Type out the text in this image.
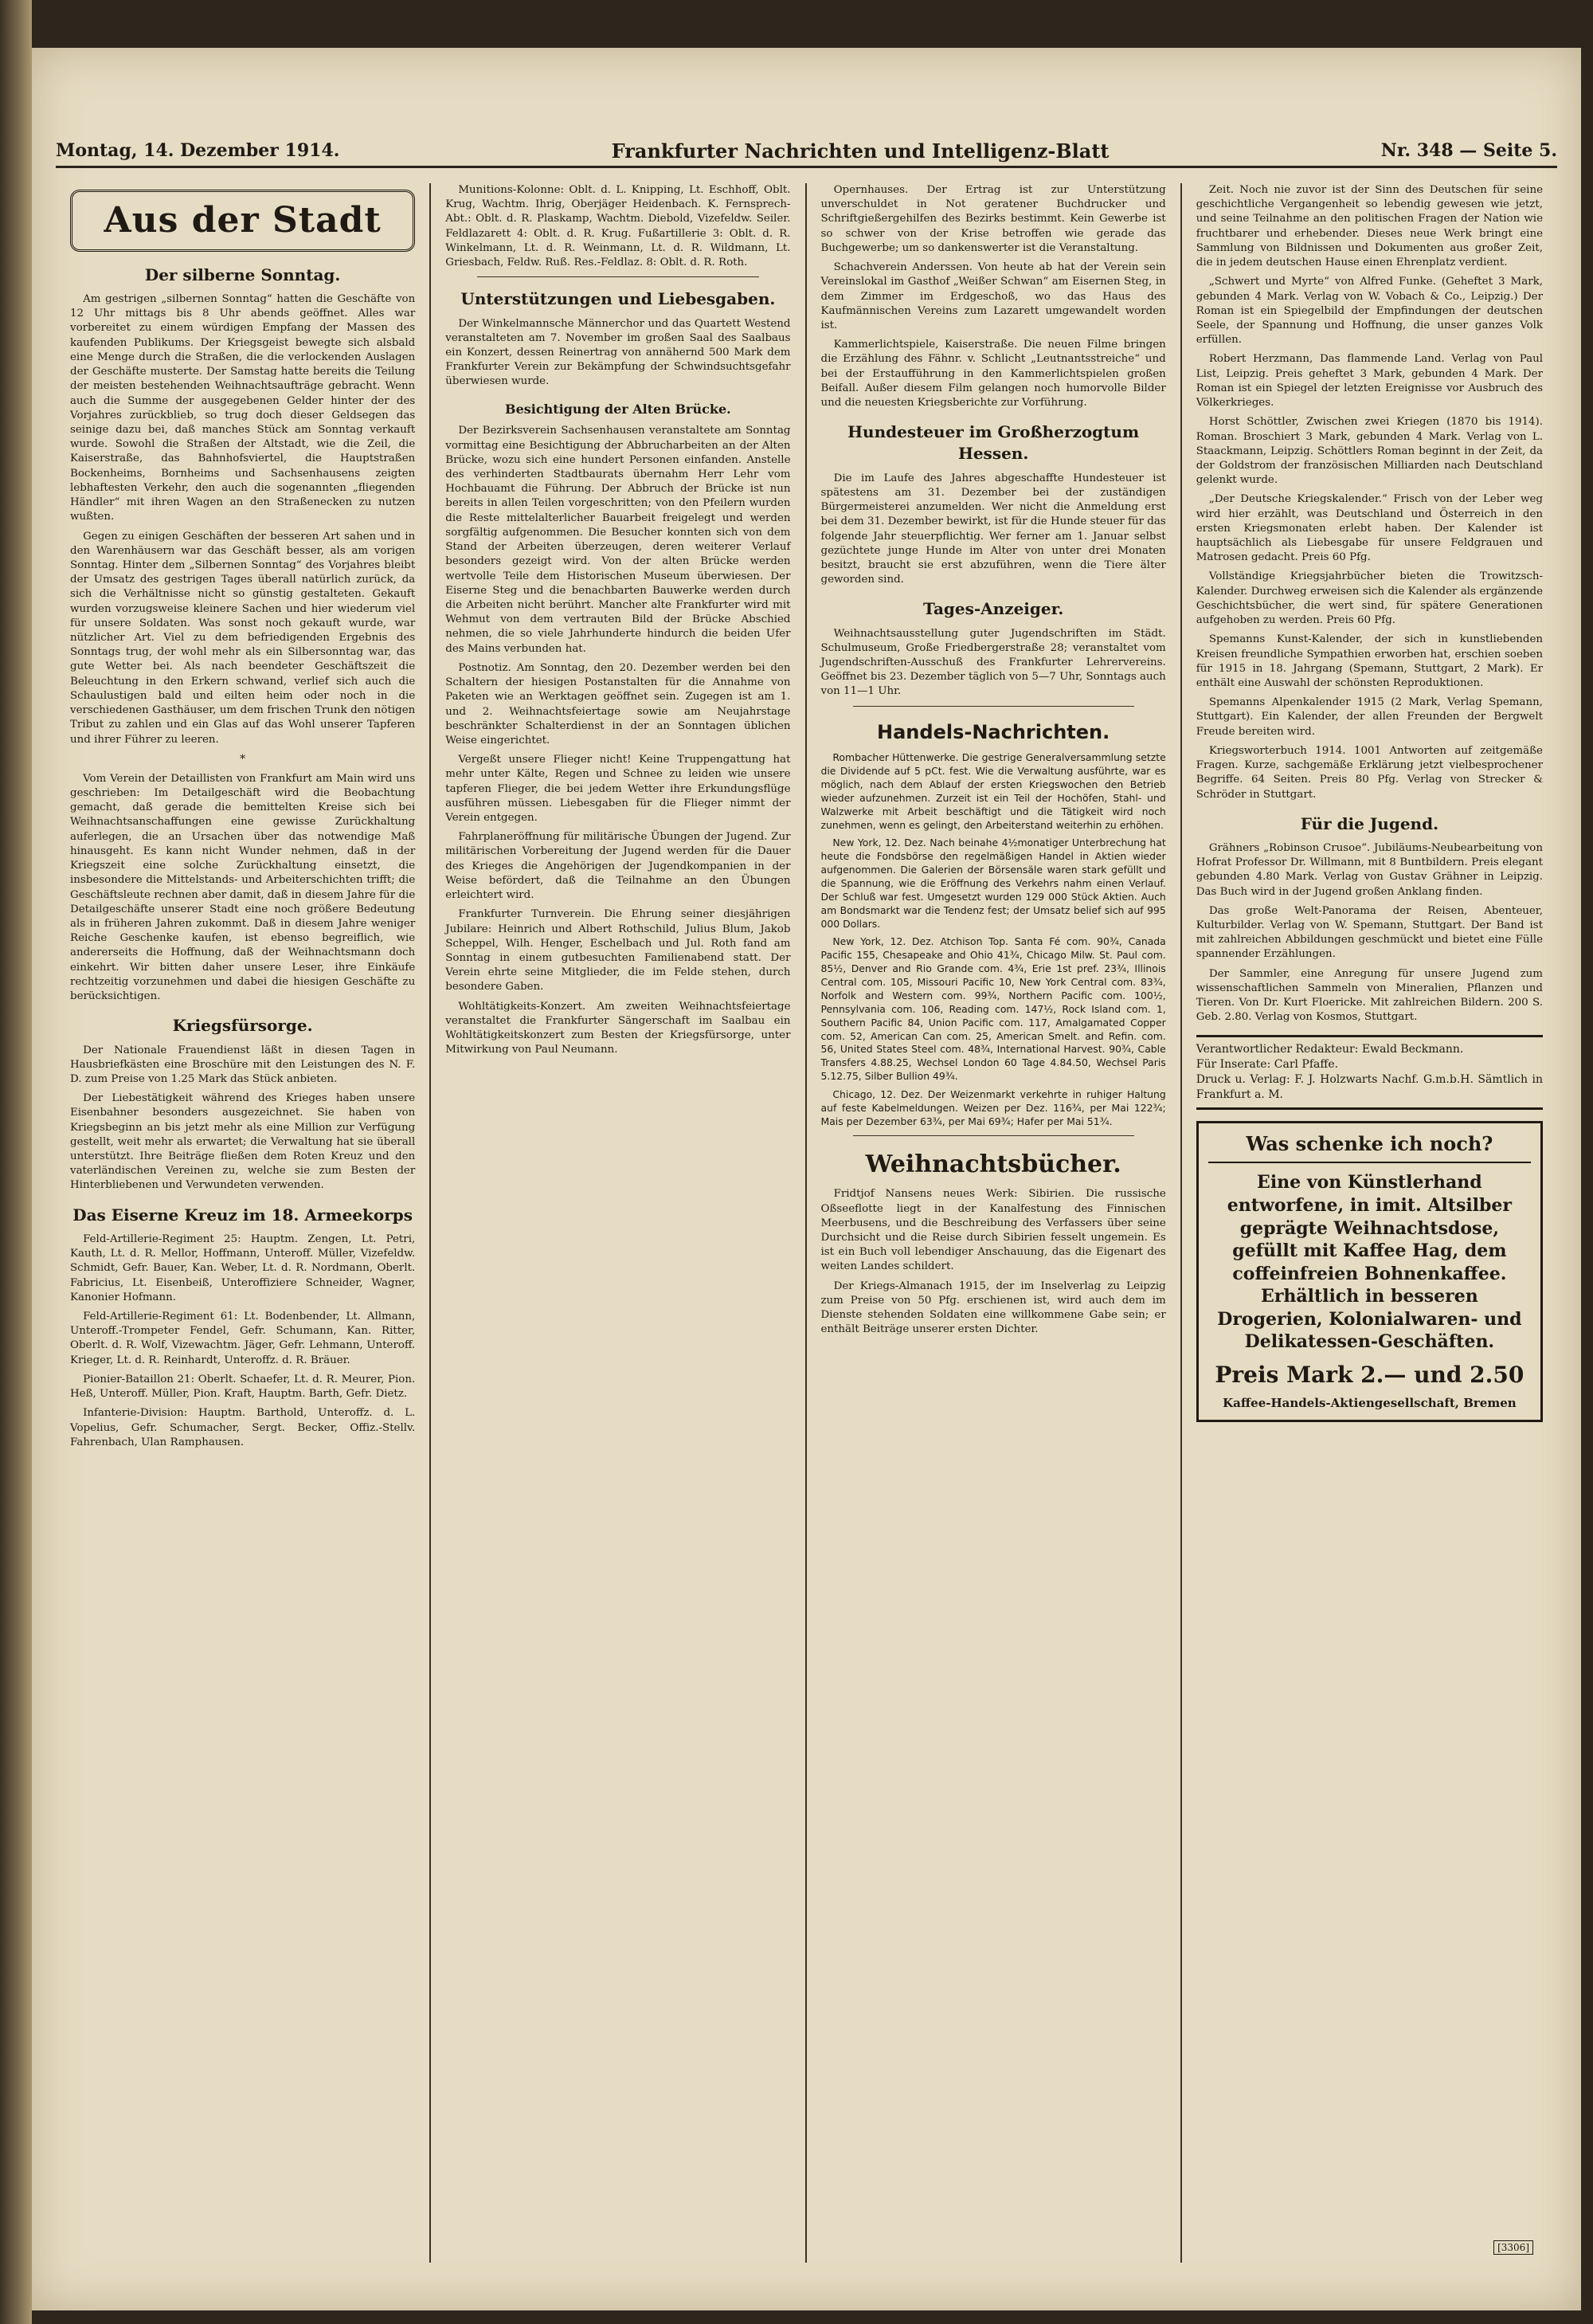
Montag, 14. Dezember 1914.	Frankfurter Nachrichten und Intelligenz-Blatt	Nr. 348 — Seite 5.
Aus der Stadt
Der silberne Sonntag.

Am gestrigen „silbernen Sonntag“ hatten die Geschäfte von 12 Uhr mittags bis 8 Uhr abends geöffnet. Alles war vorbereitet zu einem würdigen Empfang der Massen des kaufenden Publikums. Der Kriegsgeist bewegte sich alsbald eine Menge durch die Straßen, die die verlockenden Auslagen der Geschäfte musterte. Der Samstag hatte bereits die Teilung der meisten bestehenden Weihnachtsaufträge gebracht. Wenn auch die Summe der ausgegebenen Gelder hinter der des Vorjahres zurückblieb, so trug doch dieser Geldsegen das seinige dazu bei, daß manches Stück am Sonntag verkauft wurde. Sowohl die Straßen der Altstadt, wie die Zeil, die Kaiserstraße, das Bahnhofsviertel, die Hauptstraßen Bockenheims, Bornheims und Sachsenhausens zeigten lebhaftesten Verkehr, den auch die sogenannten „fliegenden Händler“ mit ihren Wagen an den Straßenecken zu nutzen wußten.

Gegen zu einigen Geschäften der besseren Art sahen und in den Warenhäusern war das Geschäft besser, als am vorigen Sonntag. Hinter dem „Silbernen Sonntag“ des Vorjahres bleibt der Umsatz des gestrigen Tages überall natürlich zurück, da sich die Verhältnisse nicht so günstig gestalteten. Gekauft wurden vorzugsweise kleinere Sachen und hier wiederum viel für unsere Soldaten. Was sonst noch gekauft wurde, war nützlicher Art. Viel zu dem befriedigenden Ergebnis des Sonntags trug, der wohl mehr als ein Silbersonntag war, das gute Wetter bei. Als nach beendeter Geschäftszeit die Beleuchtung in den Erkern schwand, verlief sich auch die Schaulustigen bald und eilten heim oder noch in die verschiedenen Gasthäuser, um dem frischen Trunk den nötigen Tribut zu zahlen und ein Glas auf das Wohl unserer Tapferen und ihrer Führer zu leeren.

*

Vom Verein der Detaillisten von Frankfurt am Main wird uns geschrieben: Im Detailgeschäft wird die Beobachtung gemacht, daß gerade die bemittelten Kreise sich bei Weihnachtsanschaffungen eine gewisse Zurückhaltung auferlegen, die an Ursachen über das notwendige Maß hinausgeht. Es kann nicht Wunder nehmen, daß in der Kriegszeit eine solche Zurückhaltung einsetzt, die insbesondere die Mittelstands- und Arbeiterschichten trifft; die Geschäftsleute rechnen aber damit, daß in diesem Jahre für die Detailgeschäfte unserer Stadt eine noch größere Bedeutung als in früheren Jahren zukommt. Daß in diesem Jahre weniger Reiche Geschenke kaufen, ist ebenso begreiflich, wie andererseits die Hoffnung, daß der Weihnachtsmann doch einkehrt. Wir bitten daher unsere Leser, ihre Einkäufe rechtzeitig vorzunehmen und dabei die hiesigen Geschäfte zu berücksichtigen.

Kriegsfürsorge.

Der Nationale Frauendienst läßt in diesen Tagen in Hausbriefkästen eine Broschüre mit den Leistungen des N. F. D. zum Preise von 1.25 Mark das Stück anbieten.

Der Liebestätigkeit während des Krieges haben unsere Eisenbahner besonders ausgezeichnet. Sie haben von Kriegsbeginn an bis jetzt mehr als eine Million zur Verfügung gestellt, weit mehr als erwartet; die Verwaltung hat sie überall unterstützt. Ihre Beiträge fließen dem Roten Kreuz und den vaterländischen Vereinen zu, welche sie zum Besten der Hinterbliebenen und Verwundeten verwenden.

Das Eiserne Kreuz im 18. Armeekorps

Feld-Artillerie-Regiment 25: Hauptm. Zengen, Lt. Petri, Kauth, Lt. d. R. Mellor, Hoffmann, Unteroff. Müller, Vizefeldw. Schmidt, Gefr. Bauer, Kan. Weber, Lt. d. R. Nordmann, Oberlt. Fabricius, Lt. Eisenbeiß, Unteroffiziere Schneider, Wagner, Kanonier Hofmann.

Feld-Artillerie-Regiment 61: Lt. Bodenbender, Lt. Allmann, Unteroff.-Trompeter Fendel, Gefr. Schumann, Kan. Ritter, Oberlt. d. R. Wolf, Vizewachtm. Jäger, Gefr. Lehmann, Unteroff. Krieger, Lt. d. R. Reinhardt, Unteroffz. d. R. Bräuer.

Pionier-Bataillon 21: Oberlt. Schaefer, Lt. d. R. Meurer, Pion. Heß, Unteroff. Müller, Pion. Kraft, Hauptm. Barth, Gefr. Dietz.

Infanterie-Division: Hauptm. Barthold, Unteroffz. d. L. Vopelius, Gefr. Schumacher, Sergt. Becker, Offiz.-Stellv. Fahrenbach, Ulan Ramphausen.

Munitions-Kolonne: Oblt. d. L. Knipping, Lt. Eschhoff, Oblt. Krug, Wachtm. Ihrig, Oberjäger Heidenbach. K. Fernsprech-Abt.: Oblt. d. R. Plaskamp, Wachtm. Diebold, Vizefeldw. Seiler. Feldlazarett 4: Oblt. d. R. Krug. Fußartillerie 3: Oblt. d. R. Winkelmann, Lt. d. R. Weinmann, Lt. d. R. Wildmann, Lt. Griesbach, Feldw. Ruß. Res.-Feldlaz. 8: Oblt. d. R. Roth.

Unterstützungen und Liebesgaben.

Der Winkelmannsche Männerchor und das Quartett Westend veranstalteten am 7. November im großen Saal des Saalbaus ein Konzert, dessen Reinertrag von annähernd 500 Mark dem Frankfurter Verein zur Bekämpfung der Schwindsuchtsgefahr überwiesen wurde.

Besichtigung der Alten Brücke.

Der Bezirksverein Sachsenhausen veranstaltete am Sonntag vormittag eine Besichtigung der Abbrucharbeiten an der Alten Brücke, wozu sich eine hundert Personen einfanden. Anstelle des verhinderten Stadtbaurats übernahm Herr Lehr vom Hochbauamt die Führung. Der Abbruch der Brücke ist nun bereits in allen Teilen vorgeschritten; von den Pfeilern wurden die Reste mittelalterlicher Bauarbeit freigelegt und werden sorgfältig aufgenommen. Die Besucher konnten sich von dem Stand der Arbeiten überzeugen, deren weiterer Verlauf besonders gezeigt wird. Von der alten Brücke werden wertvolle Teile dem Historischen Museum überwiesen. Der Eiserne Steg und die benachbarten Bauwerke werden durch die Arbeiten nicht berührt. Mancher alte Frankfurter wird mit Wehmut von dem vertrauten Bild der Brücke Abschied nehmen, die so viele Jahrhunderte hindurch die beiden Ufer des Mains verbunden hat.

Postnotiz. Am Sonntag, den 20. Dezember werden bei den Schaltern der hiesigen Postanstalten für die Annahme von Paketen wie an Werktagen geöffnet sein. Zugegen ist am 1. und 2. Weihnachtsfeiertage sowie am Neujahrstage beschränkter Schalterdienst in der an Sonntagen üblichen Weise eingerichtet.

Vergeßt unsere Flieger nicht! Keine Truppengattung hat mehr unter Kälte, Regen und Schnee zu leiden wie unsere tapferen Flieger, die bei jedem Wetter ihre Erkundungsflüge ausführen müssen. Liebesgaben für die Flieger nimmt der Verein entgegen.

Fahrplaneröffnung für militärische Übungen der Jugend. Zur militärischen Vorbereitung der Jugend werden für die Dauer des Krieges die Angehörigen der Jugendkompanien in der Weise befördert, daß die Teilnahme an den Übungen erleichtert wird.

Frankfurter Turnverein. Die Ehrung seiner diesjährigen Jubilare: Heinrich und Albert Rothschild, Julius Blum, Jakob Scheppel, Wilh. Henger, Eschelbach und Jul. Roth fand am Sonntag in einem gutbesuchten Familienabend statt. Der Verein ehrte seine Mitglieder, die im Felde stehen, durch besondere Gaben.

Wohltätigkeits-Konzert. Am zweiten Weihnachtsfeiertage veranstaltet die Frankfurter Sängerschaft im Saalbau ein Wohltätigkeitskonzert zum Besten der Kriegsfürsorge, unter Mitwirkung von Paul Neumann.

Opernhauses. Der Ertrag ist zur Unterstützung unverschuldet in Not geratener Buchdrucker und Schriftgießergehilfen des Bezirks bestimmt. Kein Gewerbe ist so schwer von der Krise betroffen wie gerade das Buchgewerbe; um so dankenswerter ist die Veranstaltung.

Schachverein Anderssen. Von heute ab hat der Verein sein Vereinslokal im Gasthof „Weißer Schwan“ am Eisernen Steg, in dem Zimmer im Erdgeschoß, wo das Haus des Kaufmännischen Vereins zum Lazarett umgewandelt worden ist.

Kammerlichtspiele, Kaiserstraße. Die neuen Filme bringen die Erzählung des Fähnr. v. Schlicht „Leutnantsstreiche“ und bei der Erstaufführung in den Kammerlichtspielen großen Beifall. Außer diesem Film gelangen noch humorvolle Bilder und die neuesten Kriegsberichte zur Vorführung.

Hundesteuer im Großherzogtum Hessen.

Die im Laufe des Jahres abgeschaffte Hundesteuer ist spätestens am 31. Dezember bei der zuständigen Bürgermeisterei anzumelden. Wer nicht die Anmeldung erst bei dem 31. Dezember bewirkt, ist für die Hunde steuer für das folgende Jahr steuerpflichtig. Wer ferner am 1. Januar selbst gezüchtete junge Hunde im Alter von unter drei Monaten besitzt, braucht sie erst abzuführen, wenn die Tiere älter geworden sind.

Tages-Anzeiger.

Weihnachtsausstellung guter Jugendschriften im Städt. Schulmuseum, Große Friedbergerstraße 28; veranstaltet vom Jugendschriften-Ausschuß des Frankfurter Lehrervereins. Geöffnet bis 23. Dezember täglich von 5—7 Uhr, Sonntags auch von 11—1 Uhr.

Handels-Nachrichten.

Rombacher Hüttenwerke. Die gestrige Generalversammlung setzte die Dividende auf 5 pCt. fest. Wie die Verwaltung ausführte, war es möglich, nach dem Ablauf der ersten Kriegswochen den Betrieb wieder aufzunehmen. Zurzeit ist ein Teil der Hochöfen, Stahl- und Walzwerke mit Arbeit beschäftigt und die Tätigkeit wird noch zunehmen, wenn es gelingt, den Arbeiterstand weiterhin zu erhöhen.

New York, 12. Dez. Nach beinahe 4½monatiger Unterbrechung hat heute die Fondsbörse den regelmäßigen Handel in Aktien wieder aufgenommen. Die Galerien der Börsensäle waren stark gefüllt und die Spannung, wie die Eröffnung des Verkehrs nahm einen Verlauf. Der Schluß war fest. Umgesetzt wurden 129 000 Stück Aktien. Auch am Bondsmarkt war die Tendenz fest; der Umsatz belief sich auf 995 000 Dollars.

New York, 12. Dez. Atchison Top. Santa Fé com. 90¾, Canada Pacific 155, Chesapeake and Ohio 41¾, Chicago Milw. St. Paul com. 85½, Denver and Rio Grande com. 4¾, Erie 1st pref. 23¾, Illinois Central com. 105, Missouri Pacific 10, New York Central com. 83¾, Norfolk and Western com. 99¾, Northern Pacific com. 100½, Pennsylvania com. 106, Reading com. 147½, Rock Island com. 1, Southern Pacific 84, Union Pacific com. 117, Amalgamated Copper com. 52, American Can com. 25, American Smelt. and Refin. com. 56, United States Steel com. 48¾, International Harvest. 90¾, Cable Transfers 4.88.25, Wechsel London 60 Tage 4.84.50, Wechsel Paris 5.12.75, Silber Bullion 49¾.

Chicago, 12. Dez. Der Weizenmarkt verkehrte in ruhiger Haltung auf feste Kabelmeldungen. Weizen per Dez. 116¾, per Mai 122¾; Mais per Dezember 63¾, per Mai 69¾; Hafer per Mai 51¾.

Weihnachtsbücher.

Fridtjof Nansens neues Werk: Sibirien. Die russische Oßseeflotte liegt in der Kanalfestung des Finnischen Meerbusens, und die Beschreibung des Verfassers über seine Durchsicht und die Reise durch Sibirien fesselt ungemein. Es ist ein Buch voll lebendiger Anschauung, das die Eigenart des weiten Landes schildert.

Der Kriegs-Almanach 1915, der im Inselverlag zu Leipzig zum Preise von 50 Pfg. erschienen ist, wird auch dem im Dienste stehenden Soldaten eine willkommene Gabe sein; er enthält Beiträge unserer ersten Dichter.

Zeit. Noch nie zuvor ist der Sinn des Deutschen für seine geschichtliche Vergangenheit so lebendig gewesen wie jetzt, und seine Teilnahme an den politischen Fragen der Nation wie fruchtbarer und erhebender. Dieses neue Werk bringt eine Sammlung von Bildnissen und Dokumenten aus großer Zeit, die in jedem deutschen Hause einen Ehrenplatz verdient.

„Schwert und Myrte“ von Alfred Funke. (Geheftet 3 Mark, gebunden 4 Mark. Verlag von W. Vobach & Co., Leipzig.) Der Roman ist ein Spiegelbild der Empfindungen der deutschen Seele, der Spannung und Hoffnung, die unser ganzes Volk erfüllen.

Robert Herzmann, Das flammende Land. Verlag von Paul List, Leipzig. Preis geheftet 3 Mark, gebunden 4 Mark. Der Roman ist ein Spiegel der letzten Ereignisse vor Ausbruch des Völkerkrieges.

Horst Schöttler, Zwischen zwei Kriegen (1870 bis 1914). Roman. Broschiert 3 Mark, gebunden 4 Mark. Verlag von L. Staackmann, Leipzig. Schöttlers Roman beginnt in der Zeit, da der Goldstrom der französischen Milliarden nach Deutschland gelenkt wurde.

„Der Deutsche Kriegskalender.“ Frisch von der Leber weg wird hier erzählt, was Deutschland und Österreich in den ersten Kriegsmonaten erlebt haben. Der Kalender ist hauptsächlich als Liebesgabe für unsere Feldgrauen und Matrosen gedacht. Preis 60 Pfg.

Vollständige Kriegsjahrbücher bieten die Trowitzsch-Kalender. Durchweg erweisen sich die Kalender als ergänzende Geschichtsbücher, die wert sind, für spätere Generationen aufgehoben zu werden. Preis 60 Pfg.

Spemanns Kunst-Kalender, der sich in kunstliebenden Kreisen freundliche Sympathien erworben hat, erschien soeben für 1915 in 18. Jahrgang (Spemann, Stuttgart, 2 Mark). Er enthält eine Auswahl der schönsten Reproduktionen.

Spemanns Alpenkalender 1915 (2 Mark, Verlag Spemann, Stuttgart). Ein Kalender, der allen Freunden der Bergwelt Freude bereiten wird.

Kriegsworterbuch 1914. 1001 Antworten auf zeitgemäße Fragen. Kurze, sachgemäße Erklärung jetzt vielbesprochener Begriffe. 64 Seiten. Preis 80 Pfg. Verlag von Strecker & Schröder in Stuttgart.

Für die Jugend.

Grähners „Robinson Crusoe“. Jubiläums-Neubearbeitung von Hofrat Professor Dr. Willmann, mit 8 Buntbildern. Preis elegant gebunden 4.80 Mark. Verlag von Gustav Grähner in Leipzig. Das Buch wird in der Jugend großen Anklang finden.

Das große Welt-Panorama der Reisen, Abenteuer, Kulturbilder. Verlag von W. Spemann, Stuttgart. Der Band ist mit zahlreichen Abbildungen geschmückt und bietet eine Fülle spannender Erzählungen.

Der Sammler, eine Anregung für unsere Jugend zum wissenschaftlichen Sammeln von Mineralien, Pflanzen und Tieren. Von Dr. Kurt Floericke. Mit zahlreichen Bildern. 200 S. Geb. 2.80. Verlag von Kosmos, Stuttgart.

Verantwortlicher Redakteur: Ewald Beckmann.
Für Inserate: Carl Pfaffe.
Druck u. Verlag: F. J. Holzwarts Nachf. G.m.b.H. Sämtlich in Frankfurt a. M.
Was schenke ich noch?
Eine von Künstlerhand entworfene, in imit. Altsilber geprägte Weihnachtsdose, gefüllt mit Kaffee Hag, dem coffeinfreien Bohnenkaffee. Erhältlich in besseren Drogerien, Kolonialwaren- und Delikatessen-Geschäften.
Preis Mark 2.— und 2.50
Kaffee-Handels-Aktiengesellschaft, Bremen
[3306]
